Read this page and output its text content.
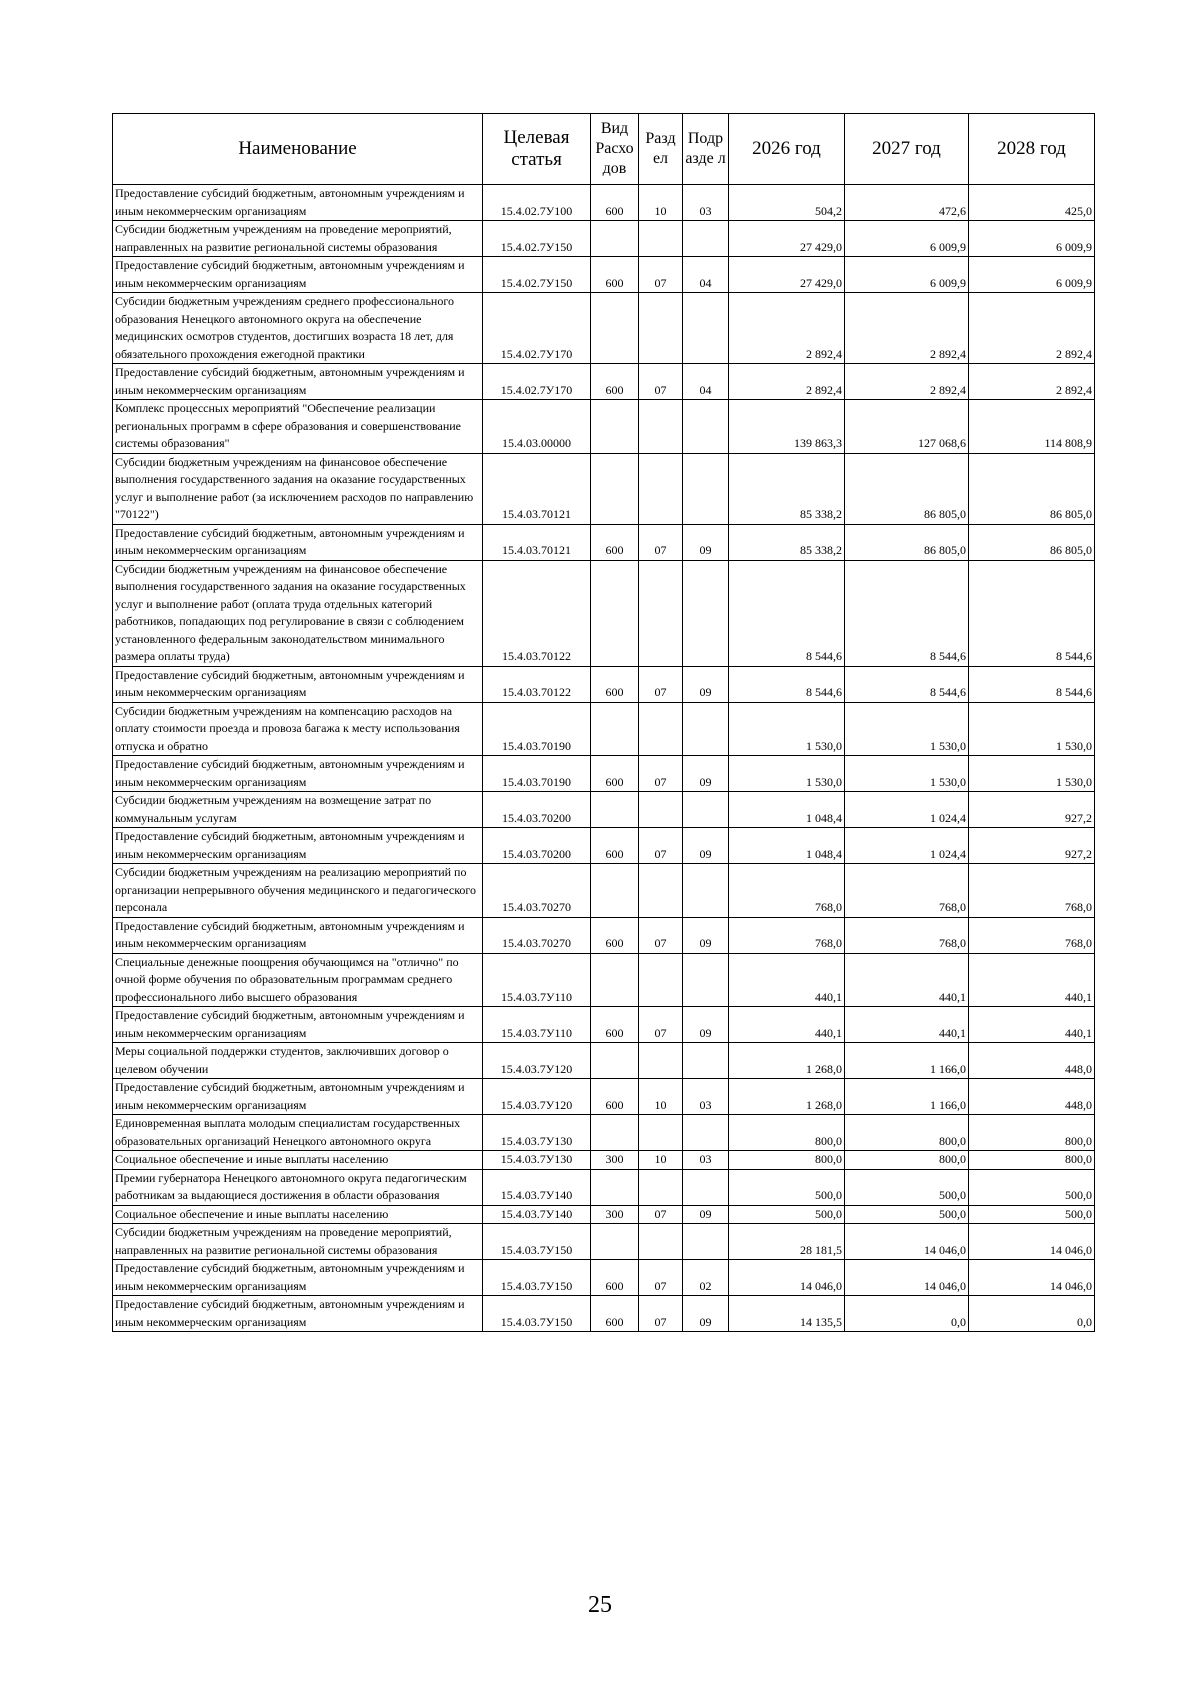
Наименование	Целевая статья	Вид Расхо дов	Разд ел	Подр азде л	2026 год	2027 год	2028 год
Предоставление субсидий бюджетным, автономным учреждениям и иным некоммерческим организациям	15.4.02.7У100	600	10	03	504,2	472,6	425,0
Субсидии бюджетным учреждениям на проведение мероприятий, направленных на развитие региональной системы образования	15.4.02.7У150				27 429,0	6 009,9	6 009,9
Предоставление субсидий бюджетным, автономным учреждениям и иным некоммерческим организациям	15.4.02.7У150	600	07	04	27 429,0	6 009,9	6 009,9
Субсидии бюджетным учреждениям среднего профессионального образования Ненецкого автономного округа на обеспечение медицинских осмотров студентов, достигших возраста 18 лет, для обязательного прохождения ежегодной практики	15.4.02.7У170				2 892,4	2 892,4	2 892,4
Предоставление субсидий бюджетным, автономным учреждениям и иным некоммерческим организациям	15.4.02.7У170	600	07	04	2 892,4	2 892,4	2 892,4
Комплекс процессных мероприятий "Обеспечение реализации региональных программ в сфере образования и совершенствование системы образования"	15.4.03.00000				139 863,3	127 068,6	114 808,9
Субсидии бюджетным учреждениям на финансовое обеспечение выполнения государственного задания на оказание государственных услуг и выполнение работ (за исключением расходов по направлению "70122")	15.4.03.70121				85 338,2	86 805,0	86 805,0
Предоставление субсидий бюджетным, автономным учреждениям и иным некоммерческим организациям	15.4.03.70121	600	07	09	85 338,2	86 805,0	86 805,0
Субсидии бюджетным учреждениям на финансовое обеспечение выполнения государственного задания на оказание государственных услуг и выполнение работ (оплата труда отдельных категорий работников, попадающих под регулирование в связи с соблюдением установленного федеральным законодательством минимального размера оплаты труда)	15.4.03.70122				8 544,6	8 544,6	8 544,6
Предоставление субсидий бюджетным, автономным учреждениям и иным некоммерческим организациям	15.4.03.70122	600	07	09	8 544,6	8 544,6	8 544,6
Субсидии бюджетным учреждениям на компенсацию расходов на оплату стоимости проезда и провоза багажа к месту использования отпуска и обратно	15.4.03.70190				1 530,0	1 530,0	1 530,0
Предоставление субсидий бюджетным, автономным учреждениям и иным некоммерческим организациям	15.4.03.70190	600	07	09	1 530,0	1 530,0	1 530,0
Субсидии бюджетным учреждениям на возмещение затрат по коммунальным услугам	15.4.03.70200				1 048,4	1 024,4	927,2
Предоставление субсидий бюджетным, автономным учреждениям и иным некоммерческим организациям	15.4.03.70200	600	07	09	1 048,4	1 024,4	927,2
Субсидии бюджетным учреждениям на реализацию мероприятий по организации непрерывного обучения медицинского и педагогического персонала	15.4.03.70270				768,0	768,0	768,0
Предоставление субсидий бюджетным, автономным учреждениям и иным некоммерческим организациям	15.4.03.70270	600	07	09	768,0	768,0	768,0
Специальные денежные поощрения обучающимся на "отлично" по очной форме обучения по образовательным программам среднего профессионального либо высшего образования	15.4.03.7У110				440,1	440,1	440,1
Предоставление субсидий бюджетным, автономным учреждениям и иным некоммерческим организациям	15.4.03.7У110	600	07	09	440,1	440,1	440,1
Меры социальной поддержки студентов, заключивших договор о целевом обучении	15.4.03.7У120				1 268,0	1 166,0	448,0
Предоставление субсидий бюджетным, автономным учреждениям и иным некоммерческим организациям	15.4.03.7У120	600	10	03	1 268,0	1 166,0	448,0
Единовременная выплата молодым специалистам государственных образовательных организаций Ненецкого автономного округа	15.4.03.7У130				800,0	800,0	800,0
Социальное обеспечение и иные выплаты населению	15.4.03.7У130	300	10	03	800,0	800,0	800,0
Премии губернатора Ненецкого автономного округа педагогическим работникам за выдающиеся достижения в области образования	15.4.03.7У140				500,0	500,0	500,0
Социальное обеспечение и иные выплаты населению	15.4.03.7У140	300	07	09	500,0	500,0	500,0
Субсидии бюджетным учреждениям на проведение мероприятий, направленных на развитие региональной системы образования	15.4.03.7У150				28 181,5	14 046,0	14 046,0
Предоставление субсидий бюджетным, автономным учреждениям и иным некоммерческим организациям	15.4.03.7У150	600	07	02	14 046,0	14 046,0	14 046,0
Предоставление субсидий бюджетным, автономным учреждениям и иным некоммерческим организациям	15.4.03.7У150	600	07	09	14 135,5	0,0	0,0
25
